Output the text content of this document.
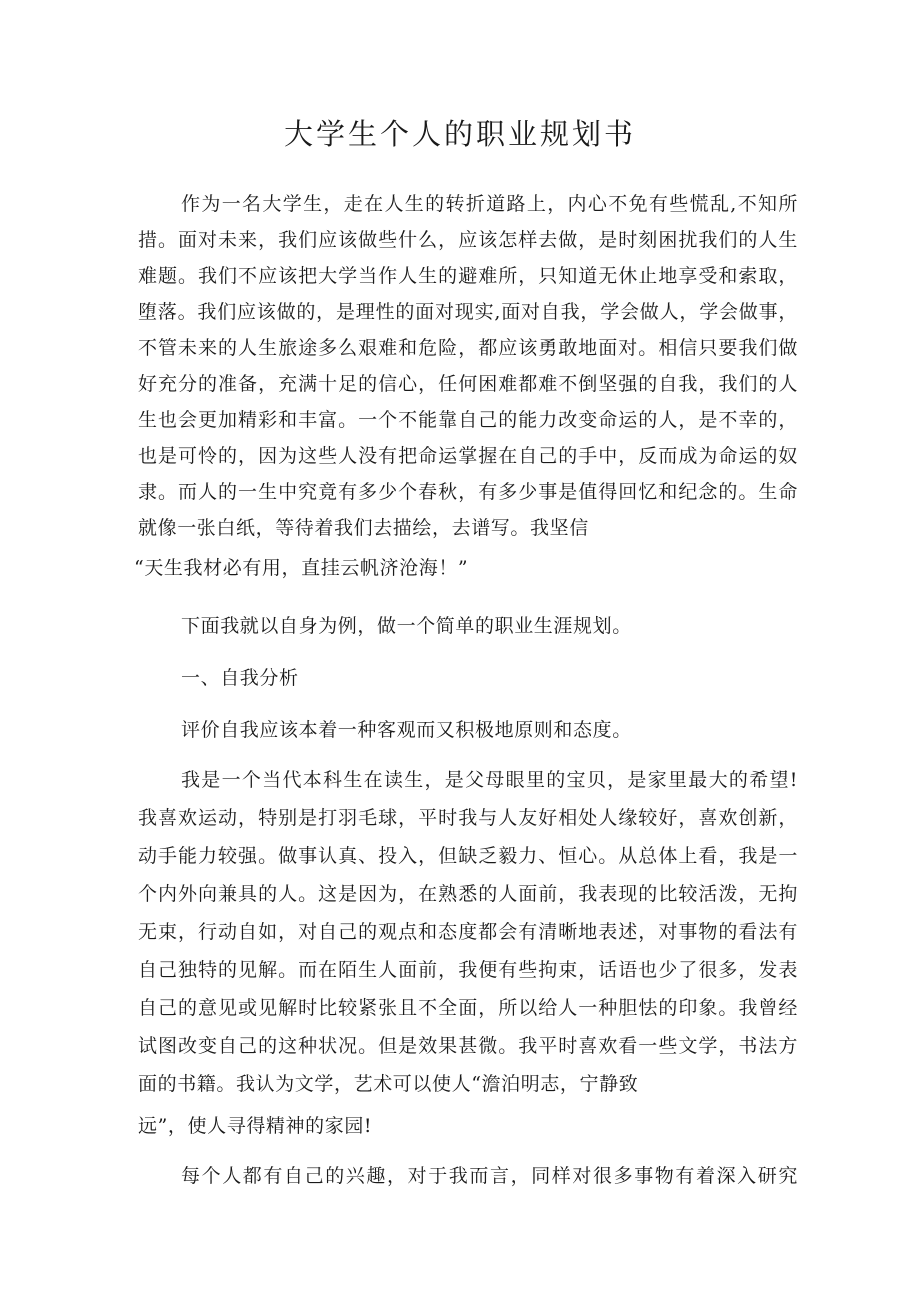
大学生个人的职业规划书
作为一名大学生，走在人生的转折道路上，内心不免有些慌乱,不知所
措。面对未来，我们应该做些什么，应该怎样去做，是时刻困扰我们的人生
难题。我们不应该把大学当作人生的避难所，只知道无休止地享受和索取，
堕落。我们应该做的，是理性的面对现实,面对自我，学会做人，学会做事，
不管未来的人生旅途多么艰难和危险，都应该勇敢地面对。相信只要我们做
好充分的准备，充满十足的信心，任何困难都难不倒坚强的自我，我们的人
生也会更加精彩和丰富。一个不能靠自己的能力改变命运的人，是不幸的，
也是可怜的，因为这些人没有把命运掌握在自己的手中，反而成为命运的奴
隶。而人的一生中究竟有多少个春秋，有多少事是值得回忆和纪念的。生命
就像一张白纸，等待着我们去描绘，去谱写。我坚信
“天生我材必有用，直挂云帆济沧海！”
下面我就以自身为例，做一个简单的职业生涯规划。
一、自我分析
评价自我应该本着一种客观而又积极地原则和态度。
我是一个当代本科生在读生，是父母眼里的宝贝，是家里最大的希望!
我喜欢运动，特别是打羽毛球，平时我与人友好相处人缘较好，喜欢创新，
动手能力较强。做事认真、投入，但缺乏毅力、恒心。从总体上看，我是一
个内外向兼具的人。这是因为，在熟悉的人面前，我表现的比较活泼，无拘
无束，行动自如，对自己的观点和态度都会有清晰地表述，对事物的看法有
自己独特的见解。而在陌生人面前，我便有些拘束，话语也少了很多，发表
自己的意见或见解时比较紧张且不全面，所以给人一种胆怯的印象。我曾经
试图改变自己的这种状况。但是效果甚微。我平时喜欢看一些文学，书法方
面的书籍。我认为文学，艺术可以使人“澹泊明志，宁静致
远”，使人寻得精神的家园!
每个人都有自己的兴趣，对于我而言，同样对很多事物有着深入研究
